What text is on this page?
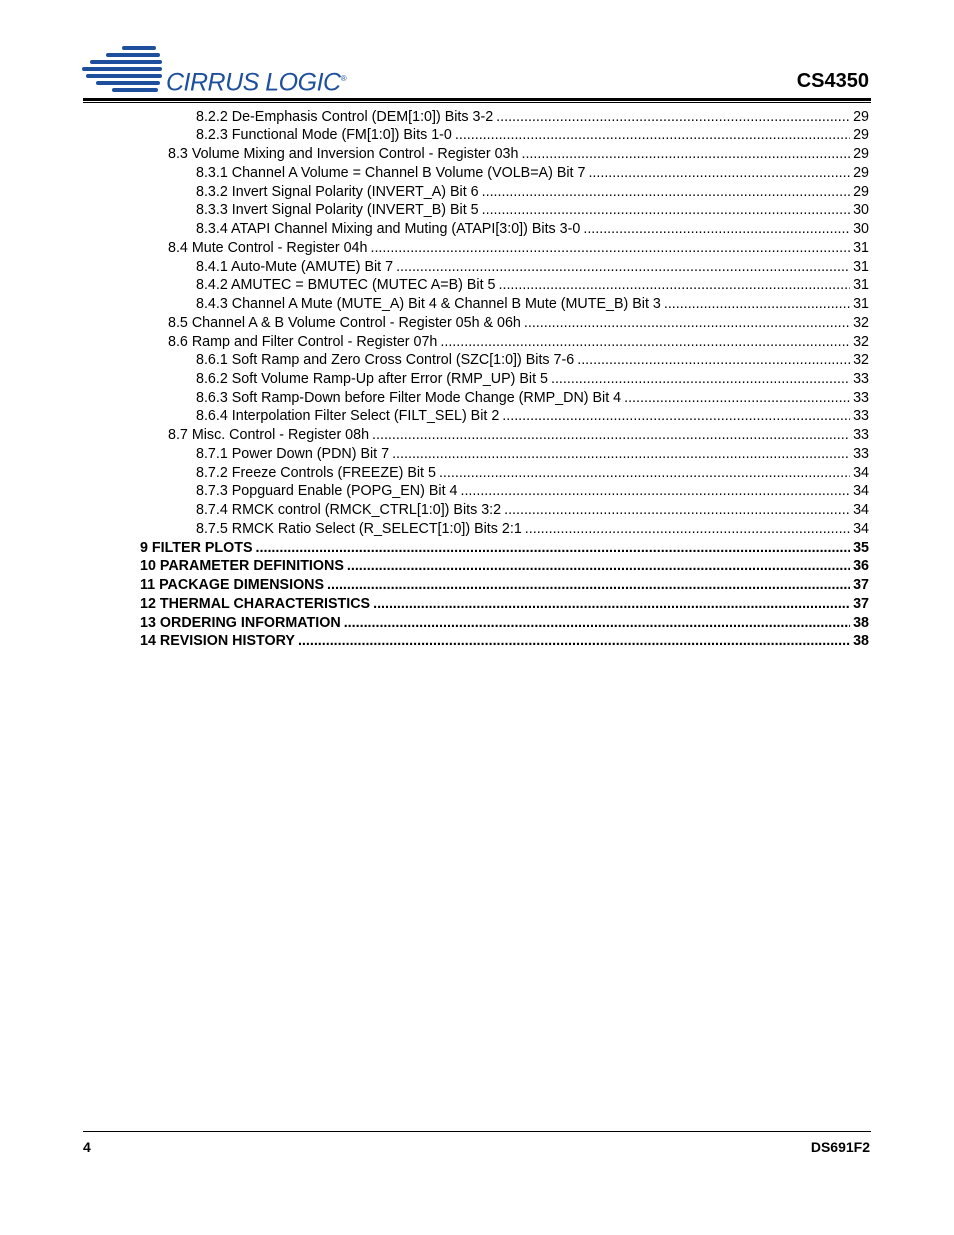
CIRRUS LOGIC®	CS4350
8.2.2 De-Emphasis Control (DEM[1:0]) Bits 3-2 .....	29
8.2.3 Functional Mode (FM[1:0]) Bits 1-0 .....	29
8.3 Volume Mixing and Inversion Control - Register 03h .....	29
8.3.1 Channel A Volume = Channel B Volume (VOLB=A) Bit 7 .....	29
8.3.2 Invert Signal Polarity (INVERT_A) Bit 6 .....	29
8.3.3 Invert Signal Polarity (INVERT_B) Bit 5 .....	30
8.3.4 ATAPI Channel Mixing and Muting (ATAPI[3:0]) Bits 3-0 .....	30
8.4 Mute Control - Register 04h .....	31
8.4.1 Auto-Mute (AMUTE) Bit 7 .....	31
8.4.2 AMUTEC = BMUTEC (MUTEC A=B) Bit 5 .....	31
8.4.3 Channel A Mute (MUTE_A) Bit 4 & Channel B Mute (MUTE_B) Bit 3 .....	31
8.5 Channel A & B Volume Control - Register 05h & 06h .....	32
8.6 Ramp and Filter Control - Register 07h .....	32
8.6.1 Soft Ramp and Zero Cross Control (SZC[1:0]) Bits 7-6 .....	32
8.6.2 Soft Volume Ramp-Up after Error (RMP_UP) Bit 5 .....	33
8.6.3 Soft Ramp-Down before Filter Mode Change (RMP_DN) Bit 4 .....	33
8.6.4 Interpolation Filter Select (FILT_SEL) Bit 2 .....	33
8.7 Misc. Control - Register 08h .....	33
8.7.1 Power Down (PDN) Bit 7 .....	33
8.7.2 Freeze Controls (FREEZE) Bit 5 .....	34
8.7.3 Popguard Enable (POPG_EN) Bit 4 .....	34
8.7.4 RMCK control (RMCK_CTRL[1:0]) Bits 3:2 .....	34
8.7.5 RMCK Ratio Select (R_SELECT[1:0]) Bits 2:1 .....	34
9 FILTER PLOTS .....	35
10 PARAMETER DEFINITIONS .....	36
11 PACKAGE DIMENSIONS .....	37
12 THERMAL CHARACTERISTICS .....	37
13 ORDERING INFORMATION .....	38
14 REVISION HISTORY .....	38
4	DS691F2
